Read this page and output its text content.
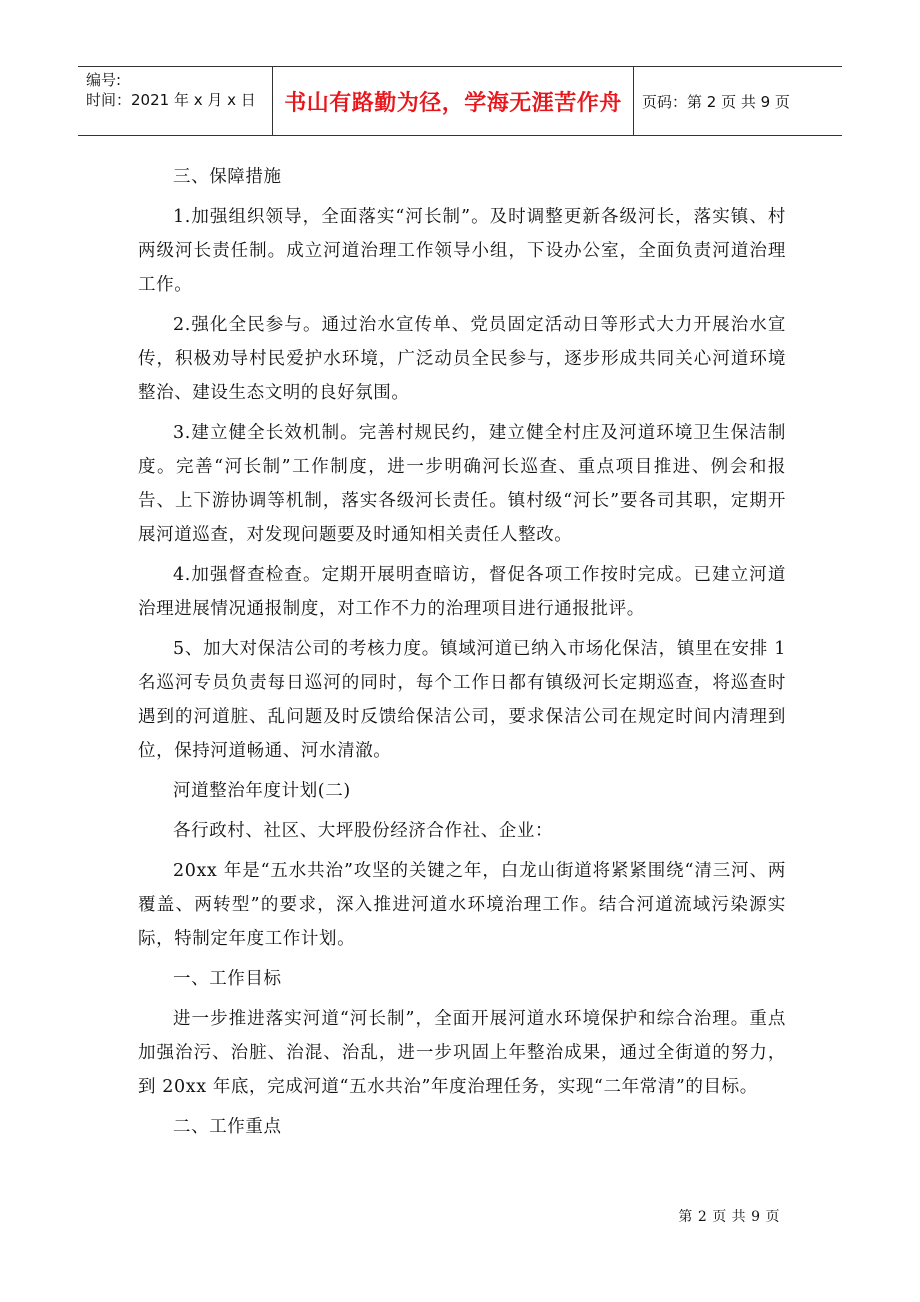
编号:
时间：2021 年 x 月 x 日	书山有路勤为径，学海无涯苦作舟	页码：第 2 页 共 9 页

三、保障措施

1.加强组织领导，全面落实“河长制”。及时调整更新各级河长，落实镇、村两级河长责任制。成立河道治理工作领导小组，下设办公室，全面负责河道治理工作。

2.强化全民参与。通过治水宣传单、党员固定活动日等形式大力开展治水宣传，积极劝导村民爱护水环境，广泛动员全民参与，逐步形成共同关心河道环境整治、建设生态文明的良好氛围。

3.建立健全长效机制。完善村规民约，建立健全村庄及河道环境卫生保洁制度。完善“河长制”工作制度，进一步明确河长巡查、重点项目推进、例会和报告、上下游协调等机制，落实各级河长责任。镇村级“河长”要各司其职，定期开展河道巡查，对发现问题要及时通知相关责任人整改。

4.加强督查检查。定期开展明查暗访，督促各项工作按时完成。已建立河道治理进展情况通报制度，对工作不力的治理项目进行通报批评。

5、加大对保洁公司的考核力度。镇域河道已纳入市场化保洁，镇里在安排 1 名巡河专员负责每日巡河的同时，每个工作日都有镇级河长定期巡查，将巡查时遇到的河道脏、乱问题及时反馈给保洁公司，要求保洁公司在规定时间内清理到位，保持河道畅通、河水清澈。

河道整治年度计划(二)

各行政村、社区、大坪股份经济合作社、企业：

20xx 年是“五水共治”攻坚的关键之年，白龙山街道将紧紧围绕“清三河、两覆盖、两转型”的要求，深入推进河道水环境治理工作。结合河道流域污染源实际，特制定年度工作计划。

一、工作目标

进一步推进落实河道“河长制”，全面开展河道水环境保护和综合治理。重点加强治污、治脏、治混、治乱，进一步巩固上年整治成果，通过全街道的努力，到 20xx 年底，完成河道“五水共治”年度治理任务，实现“二年常清”的目标。

二、工作重点

第 2 页 共 9 页
